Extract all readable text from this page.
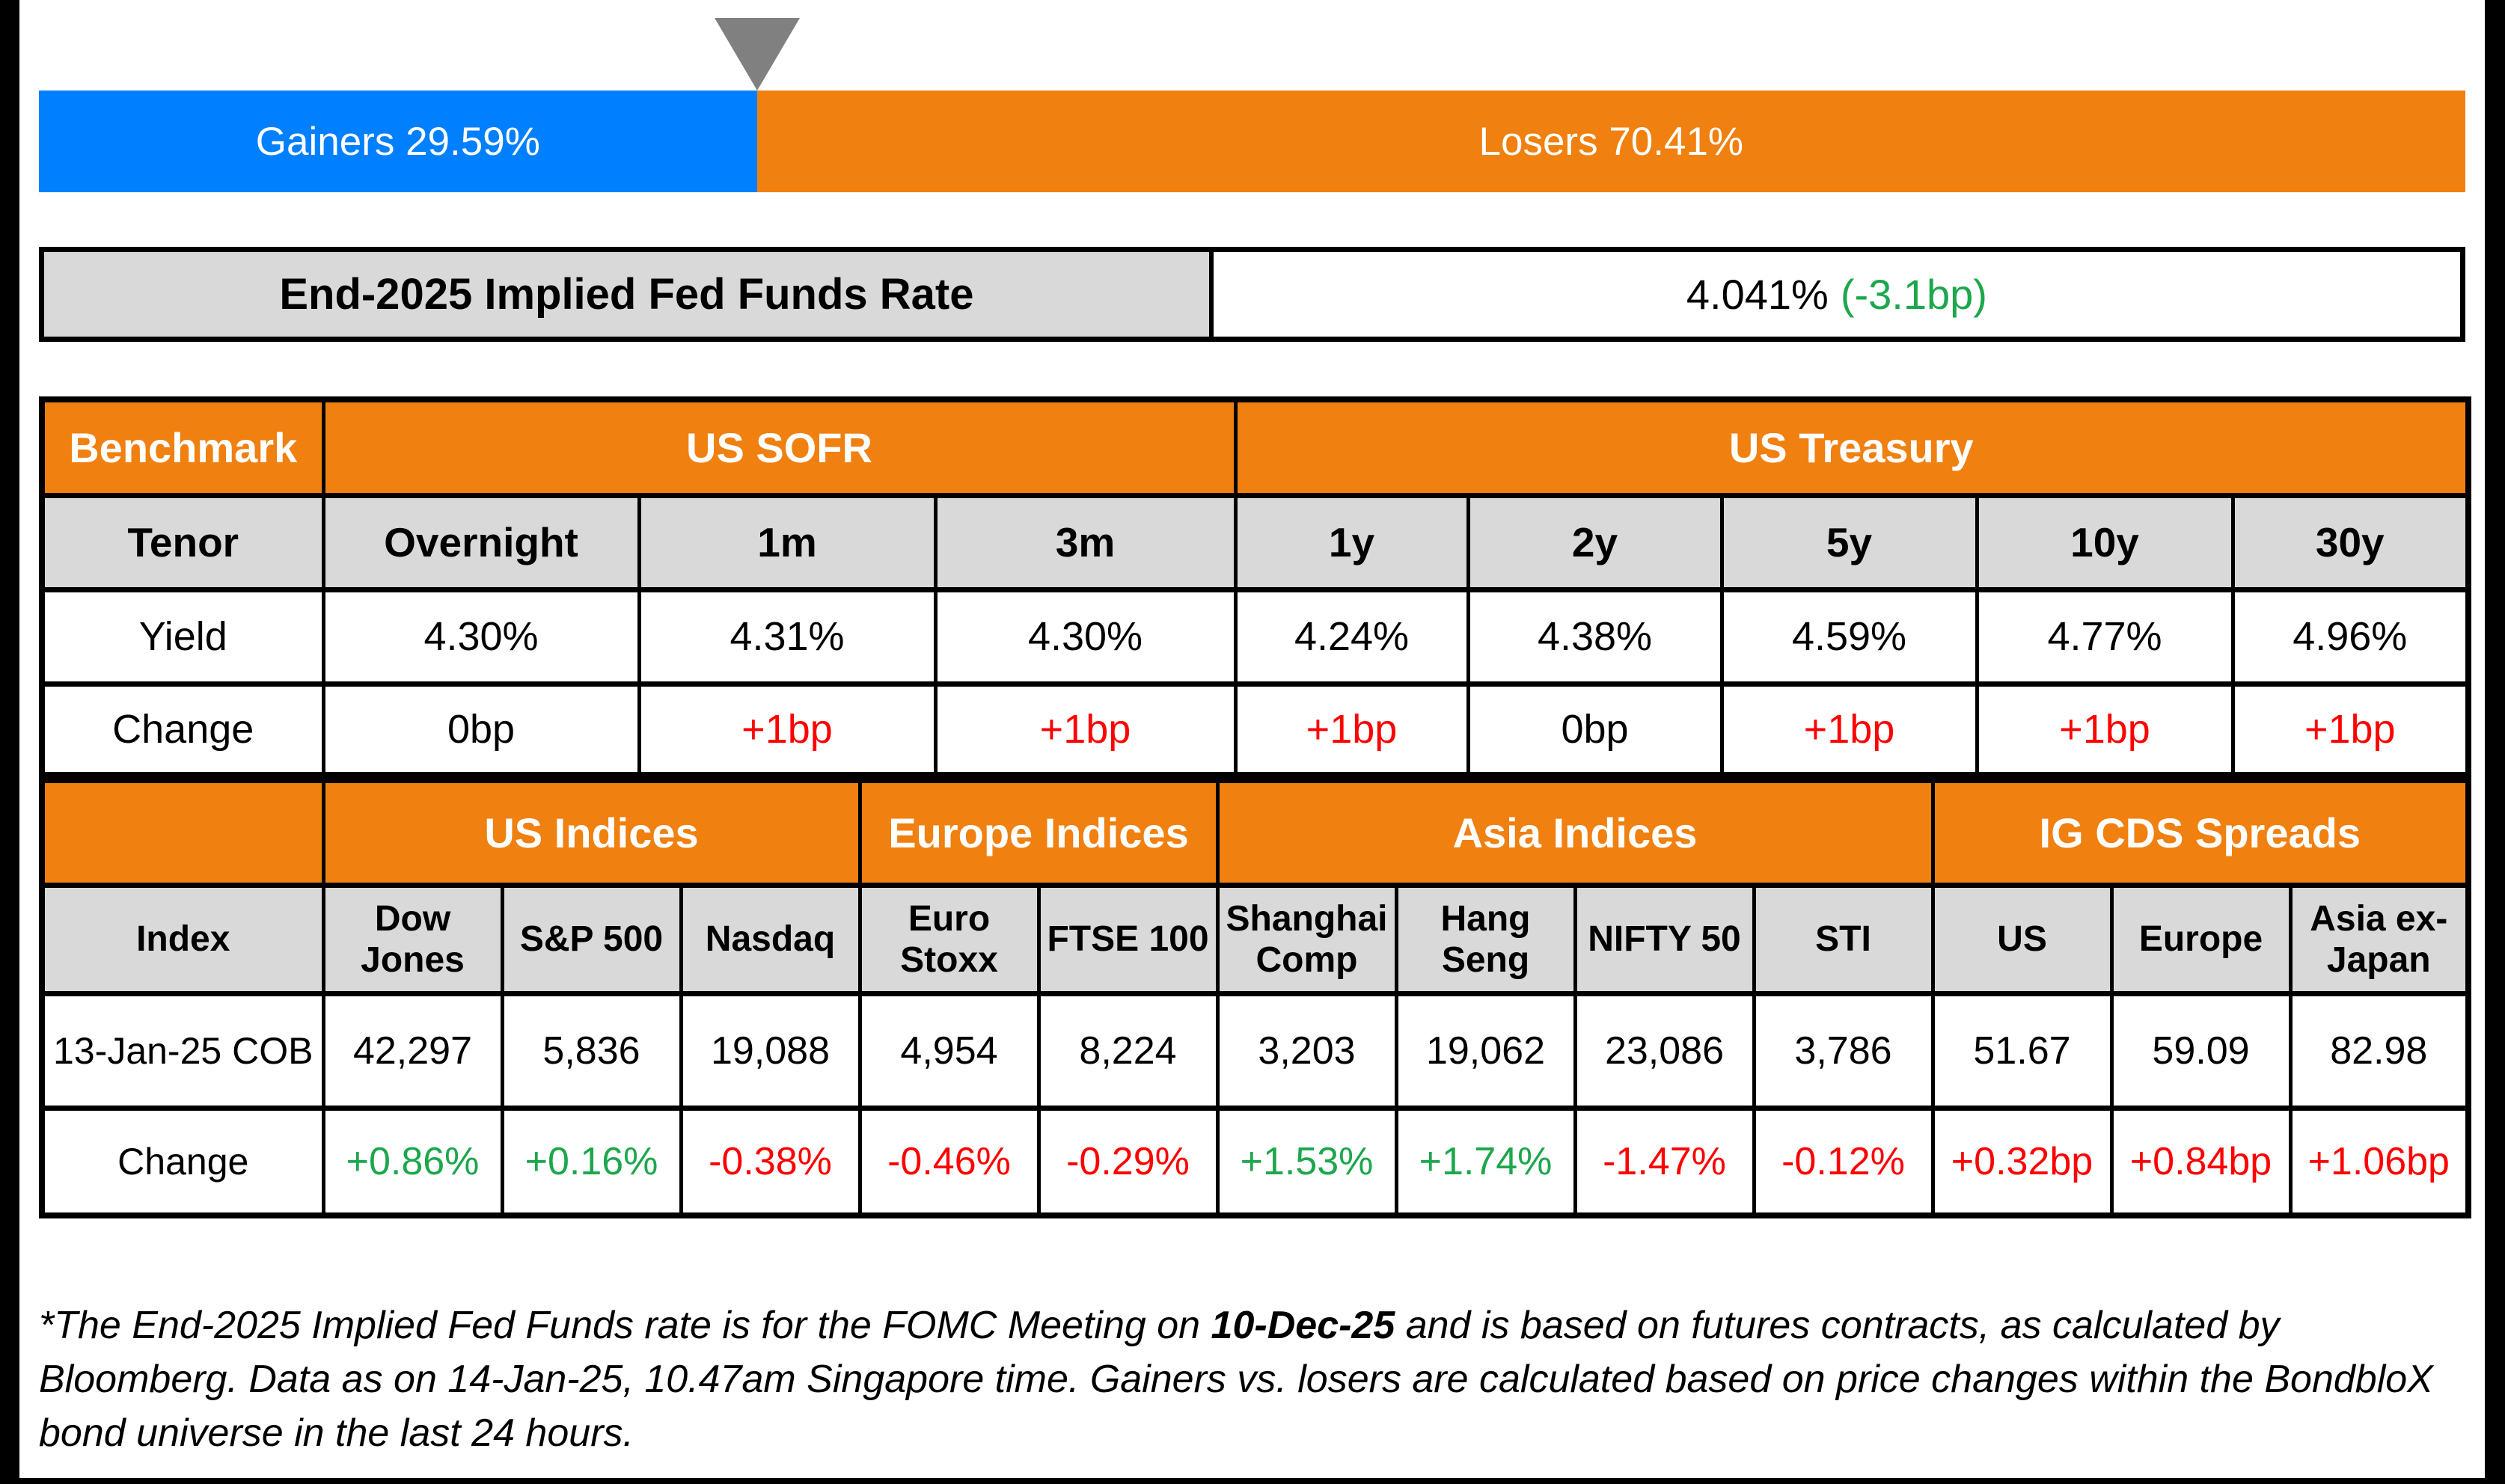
Gainers 29.59%	Losers 70.41%
End-2025 Implied Fed Funds Rate	4.041% (-3.1bp)
Benchmark	US SOFR			US Treasury				
Tenor	Overnight	1m	3m	1y	2y	5y	10y	30y
Yield	4.30%	4.31%	4.30%	4.24%	4.38%	4.59%	4.77%	4.96%
Change	0bp	+1bp	+1bp	+1bp	0bp	+1bp	+1bp	+1bp
	US Indices			Europe Indices		Asia Indices				IG CDS Spreads		
Index	Dow Jones	S&P 500	Nasdaq	Euro Stoxx	FTSE 100	Shanghai Comp	Hang Seng	NIFTY 50	STI	US	Europe	Asia ex-Japan
13-Jan-25 COB	42,297	5,836	19,088	4,954	8,224	3,203	19,062	23,086	3,786	51.67	59.09	82.98
Change	+0.86%	+0.16%	-0.38%	-0.46%	-0.29%	+1.53%	+1.74%	-1.47%	-0.12%	+0.32bp	+0.84bp	+1.06bp

*The End-2025 Implied Fed Funds rate is for the FOMC Meeting on 10-Dec-25 and is based on futures contracts, as calculated by Bloomberg. Data as on 14-Jan-25, 10.47am Singapore time. Gainers vs. losers are calculated based on price changes within the BondbloX bond universe in the last 24 hours.
